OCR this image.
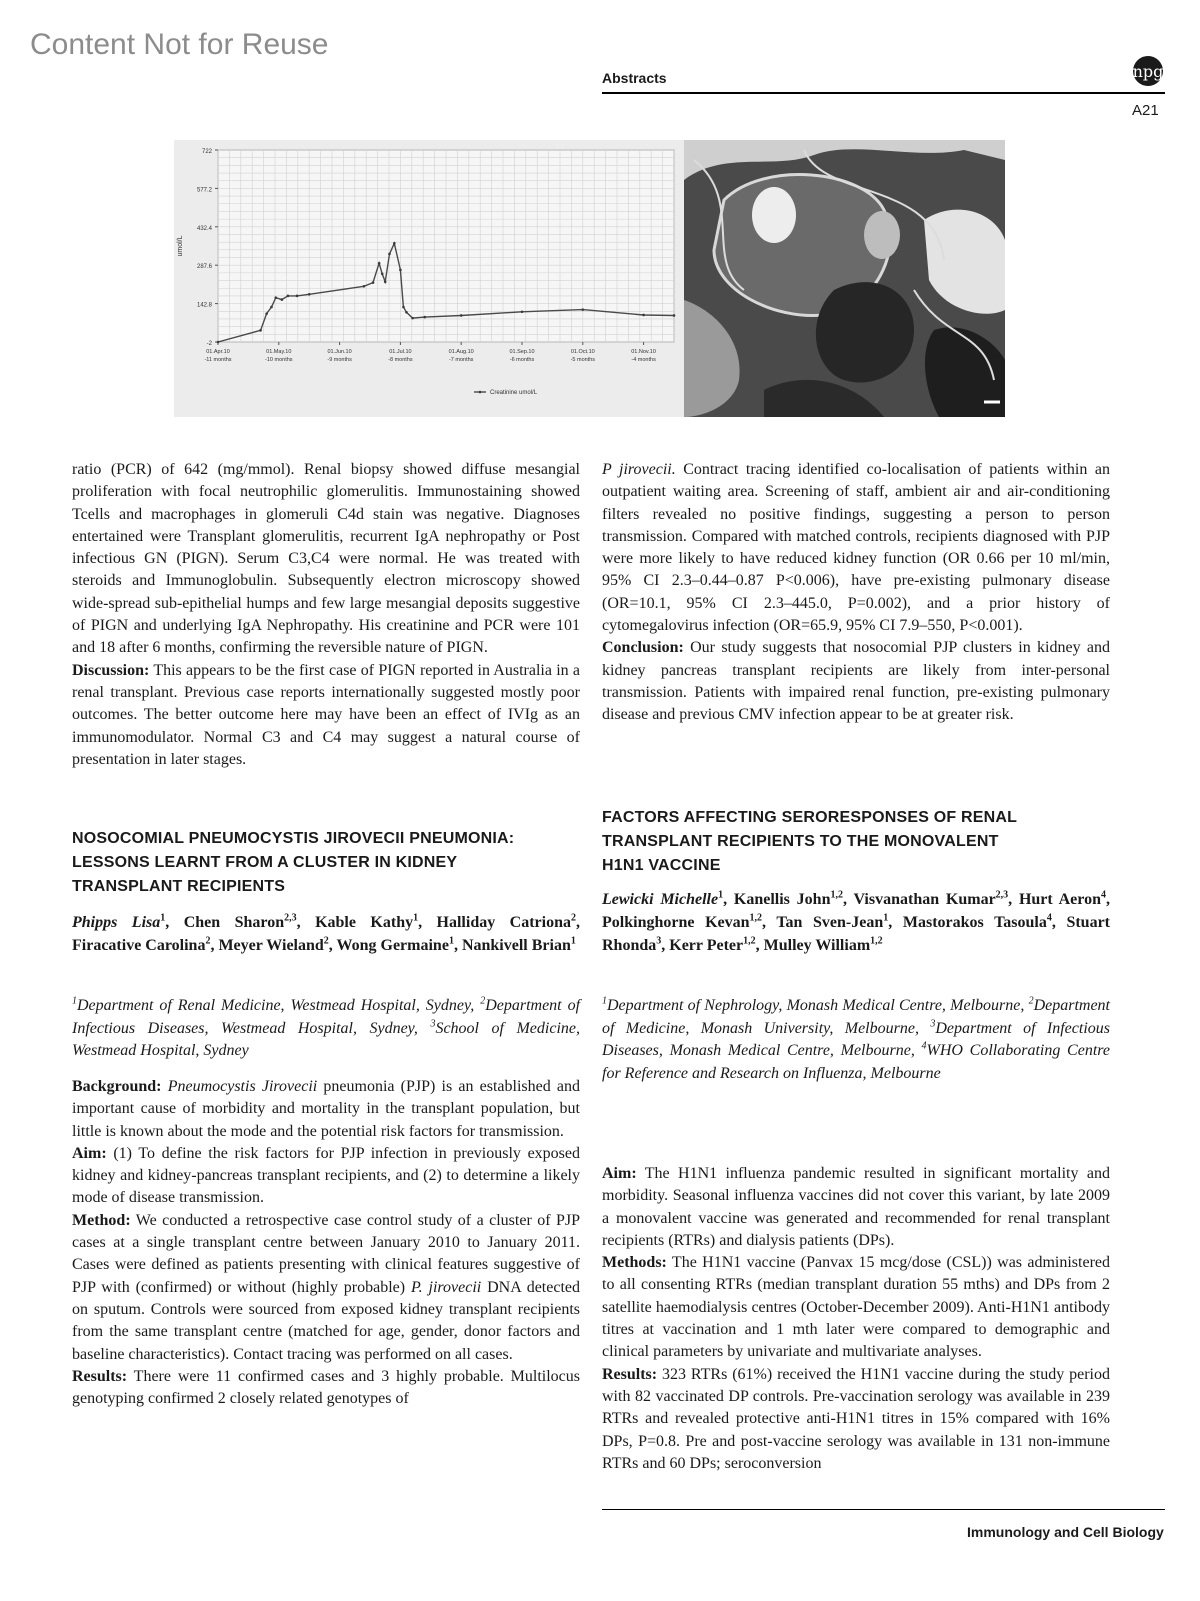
Content Not for Reuse
Abstracts	npg
A21
722
577.2
432.4
287.6
142.8
-2
umol/L
01.Apr.10
-11 months
01.May.10
-10 months
01.Jun.10
-9 months
01.Jul.10
-8 months
01.Aug.10
-7 months
01.Sep.10
-6 months
01.Oct.10
-5 months
01.Nov.10
-4 months
Creatinine umol/L

ratio (PCR) of 642 (mg/mmol). Renal biopsy showed diffuse mesangial proliferation with focal neutrophilic glomerulitis. Immunostaining showed Tcells and macrophages in glomeruli C4d stain was negative. Diagnoses entertained were Transplant glomerulitis, recurrent IgA nephropathy or Post infectious GN (PIGN). Serum C3,C4 were normal. He was treated with steroids and Immunoglobulin. Subsequently electron microscopy showed wide-spread sub-epithelial humps and few large mesangial deposits suggestive of PIGN and underlying IgA Nephropathy. His creatinine and PCR were 101 and 18 after 6 months, confirming the reversible nature of PIGN.

Discussion: This appears to be the first case of PIGN reported in Australia in a renal transplant. Previous case reports internationally suggested mostly poor outcomes. The better outcome here may have been an effect of IVIg as an immunomodulator. Normal C3 and C4 may suggest a natural course of presentation in later stages.

NOSOCOMIAL PNEUMOCYSTIS JIROVECII PNEUMONIA: LESSONS LEARNT FROM A CLUSTER IN KIDNEY TRANSPLANT RECIPIENTS
Phipps Lisa$^1$, Chen Sharon$^{2,3}$, Kable Kathy$^1$, Halliday Catriona$^2$, Firacative Carolina$^2$, Meyer Wieland$^2$, Wong Germaine$^1$, Nankivell Brian$^1$
$^1$Department of Renal Medicine, Westmead Hospital, Sydney, $^2$Department of Infectious Diseases, Westmead Hospital, Sydney, $^3$School of Medicine, Westmead Hospital, Sydney

Background: Pneumocystis Jirovecii pneumonia (PJP) is an established and important cause of morbidity and mortality in the transplant population, but little is known about the mode and the potential risk factors for transmission.

Aim: (1) To define the risk factors for PJP infection in previously exposed kidney and kidney-pancreas transplant recipients, and (2) to determine a likely mode of disease transmission.

Method: We conducted a retrospective case control study of a cluster of PJP cases at a single transplant centre between January 2010 to January 2011. Cases were defined as patients presenting with clinical features suggestive of PJP with (confirmed) or without (highly probable) P. jirovecii DNA detected on sputum. Controls were sourced from exposed kidney transplant recipients from the same transplant centre (matched for age, gender, donor factors and baseline characteristics). Contact tracing was performed on all cases.

Results: There were 11 confirmed cases and 3 highly probable. Multilocus genotyping confirmed 2 closely related genotypes of

P jirovecii. Contract tracing identified co-localisation of patients within an outpatient waiting area. Screening of staff, ambient air and air-conditioning filters revealed no positive findings, suggesting a person to person transmission. Compared with matched controls, recipients diagnosed with PJP were more likely to have reduced kidney function (OR 0.66 per 10 ml/min, 95% CI 2.3–0.44–0.87 P<0.006), have pre-existing pulmonary disease (OR=10.1, 95% CI 2.3–445.0, P=0.002), and a prior history of cytomegalovirus infection (OR=65.9, 95% CI 7.9–550, P<0.001).

Conclusion: Our study suggests that nosocomial PJP clusters in kidney and kidney pancreas transplant recipients are likely from inter-personal transmission. Patients with impaired renal function, pre-existing pulmonary disease and previous CMV infection appear to be at greater risk.

FACTORS AFFECTING SERORESPONSES OF RENAL TRANSPLANT RECIPIENTS TO THE MONOVALENT H1N1 VACCINE
Lewicki Michelle$^1$, Kanellis John$^{1,2}$, Visvanathan Kumar$^{2,3}$, Hurt Aeron$^4$, Polkinghorne Kevan$^{1,2}$, Tan Sven-Jean$^1$, Mastorakos Tasoula$^4$, Stuart Rhonda$^3$, Kerr Peter$^{1,2}$, Mulley William$^{1,2}$
$^1$Department of Nephrology, Monash Medical Centre, Melbourne, $^2$Department of Medicine, Monash University, Melbourne, $^3$Department of Infectious Diseases, Monash Medical Centre, Melbourne, $^4$WHO Collaborating Centre for Reference and Research on Influenza, Melbourne

Aim: The H1N1 influenza pandemic resulted in significant mortality and morbidity. Seasonal influenza vaccines did not cover this variant, by late 2009 a monovalent vaccine was generated and recommended for renal transplant recipients (RTRs) and dialysis patients (DPs).

Methods: The H1N1 vaccine (Panvax 15 mcg/dose (CSL)) was administered to all consenting RTRs (median transplant duration 55 mths) and DPs from 2 satellite haemodialysis centres (October-December 2009). Anti-H1N1 antibody titres at vaccination and 1 mth later were compared to demographic and clinical parameters by univariate and multivariate analyses.

Results: 323 RTRs (61%) received the H1N1 vaccine during the study period with 82 vaccinated DP controls. Pre-vaccination serology was available in 239 RTRs and revealed protective anti-H1N1 titres in 15% compared with 16% DPs, P=0.8. Pre and post-vaccine serology was available in 131 non-immune RTRs and 60 DPs; seroconversion

Immunology and Cell Biology
